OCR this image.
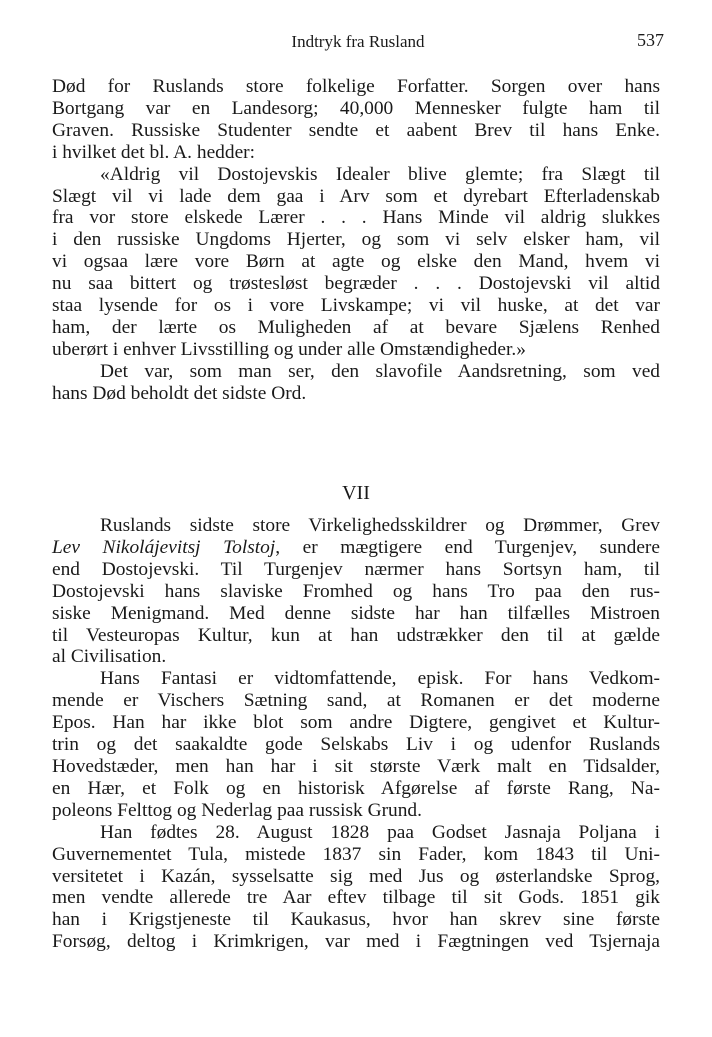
Indtryk fra Rusland	537

Død for Ruslands store folkelige Forfatter. Sorgen over hans

Bortgang var en Landesorg; 40,000 Mennesker fulgte ham til

Graven. Russiske Studenter sendte et aabent Brev til hans Enke.

i hvilket det bl. A. hedder:

«Aldrig vil Dostojevskis Idealer blive glemte; fra Slægt til

Slægt vil vi lade dem gaa i Arv som et dyrebart Efterladenskab

fra vor store elskede Lærer . . . Hans Minde vil aldrig slukkes

i den russiske Ungdoms Hjerter, og som vi selv elsker ham, vil

vi ogsaa lære vore Børn at agte og elske den Mand, hvem vi

nu saa bittert og trøstesløst begræder . . . Dostojevski vil altid

staa lysende for os i vore Livskampe; vi vil huske, at det var

ham, der lærte os Muligheden af at bevare Sjælens Renhed

uberørt i enhver Livsstilling og under alle Omstændigheder.»

Det var, som man ser, den slavofile Aandsretning, som ved

hans Død beholdt det sidste Ord.

VII

Ruslands sidste store Virkelighedsskildrer og Drømmer, Grev

Lev Nikolájevitsj Tolstoj, er mægtigere end Turgenjev, sundere

end Dostojevski. Til Turgenjev nærmer hans Sortsyn ham, til

Dostojevski hans slaviske Fromhed og hans Tro paa den rus-

siske Menigmand. Med denne sidste har han tilfælles Mistroen

til Vesteuropas Kultur, kun at han udstrækker den til at gælde

al Civilisation.

Hans Fantasi er vidtomfattende, episk. For hans Vedkom-

mende er Vischers Sætning sand, at Romanen er det moderne

Epos. Han har ikke blot som andre Digtere, gengivet et Kultur-

trin og det saakaldte gode Selskabs Liv i og udenfor Ruslands

Hovedstæder, men han har i sit største Værk malt en Tidsalder,

en Hær, et Folk og en historisk Afgørelse af første Rang, Na-

poleons Felttog og Nederlag paa russisk Grund.

Han fødtes 28. August 1828 paa Godset Jasnaja Poljana i

Guvernementet Tula, mistede 1837 sin Fader, kom 1843 til Uni-

versitetet i Kazán, sysselsatte sig med Jus og østerlandske Sprog,

men vendte allerede tre Aar eftev tilbage til sit Gods. 1851 gik

han i Krigstjeneste til Kaukasus, hvor han skrev sine første

Forsøg, deltog i Krimkrigen, var med i Fægtningen ved Tsjernaja
